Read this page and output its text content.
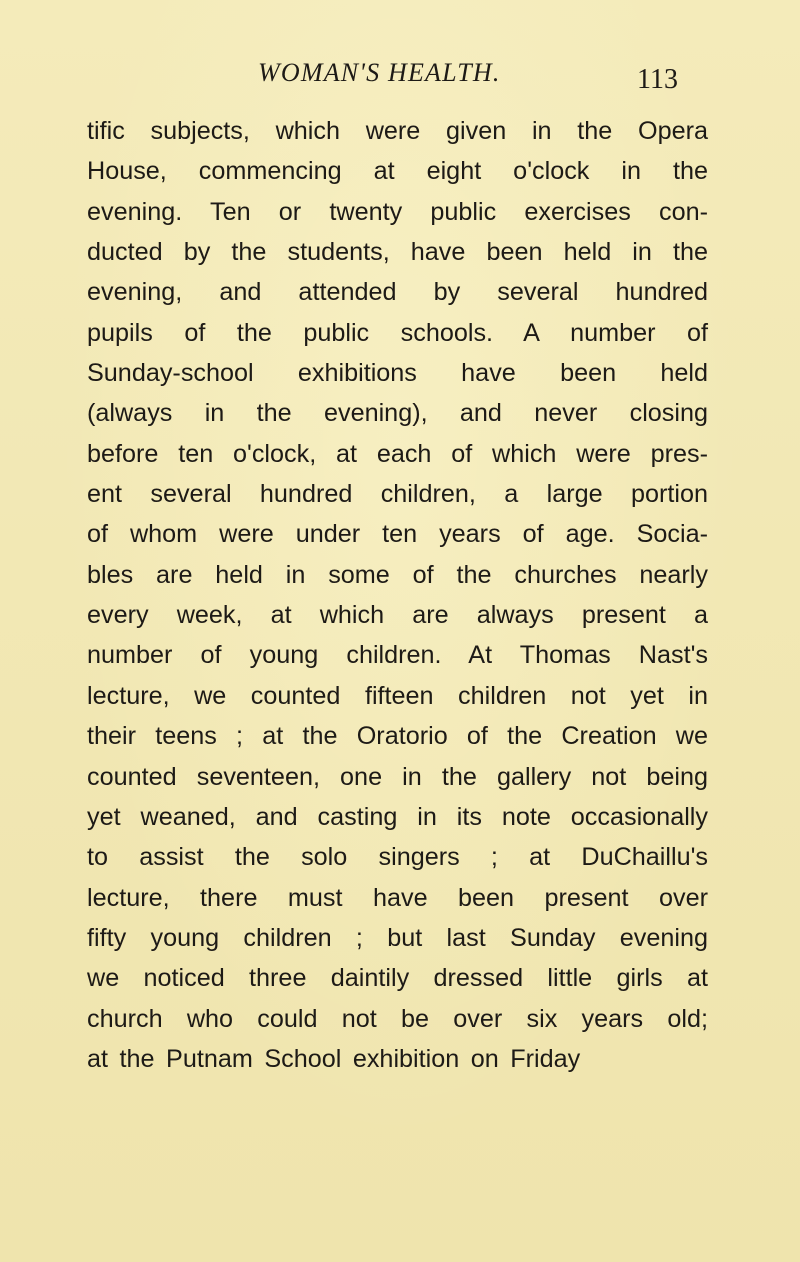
WOMAN'S HEALTH.	113
tific subjects, which were given in the Opera
House, commencing at eight o'clock in the
evening. Ten or twenty public exercises con-
ducted by the students, have been held in the
evening, and attended by several hundred
pupils of the public schools. A number of
Sunday-school exhibitions have been held
(always in the evening), and never closing
before ten o'clock, at each of which were pres-
ent several hundred children, a large portion
of whom were under ten years of age. Socia-
bles are held in some of the churches nearly
every week, at which are always present a
number of young children. At Thomas Nast's
lecture, we counted fifteen children not yet in
their teens ; at the Oratorio of the Creation we
counted seventeen, one in the gallery not being
yet weaned, and casting in its note occasionally
to assist the solo singers ; at DuChaillu's
lecture, there must have been present over
fifty young children ; but last Sunday evening
we noticed three daintily dressed little girls at
church who could not be over six years old;
at the Putnam School exhibition on Friday
